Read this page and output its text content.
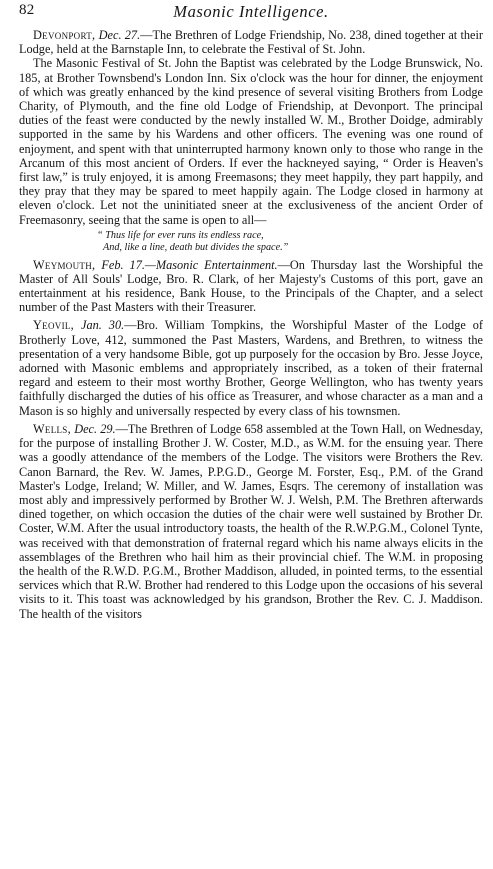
82	Masonic Intelligence.

Devonport, Dec. 27.—The Brethren of Lodge Friendship, No. 238, dined together at their Lodge, held at the Barnstaple Inn, to celebrate the Festival of St. John.

The Masonic Festival of St. John the Baptist was celebrated by the Lodge Brunswick, No. 185, at Brother Townsbend's London Inn. Six o'clock was the hour for dinner, the enjoyment of which was greatly enhanced by the kind presence of several visiting Brothers from Lodge Charity, of Plymouth, and the fine old Lodge of Friendship, at Devonport. The principal duties of the feast were conducted by the newly installed W. M., Brother Doidge, admirably supported in the same by his Wardens and other officers. The evening was one round of enjoyment, and spent with that uninterrupted harmony known only to those who range in the Arcanum of this most ancient of Orders. If ever the hackneyed saying, “ Order is Heaven's first law,” is truly enjoyed, it is among Freemasons; they meet happily, they part happily, and they pray that they may be spared to meet happily again. The Lodge closed in harmony at eleven o'clock. Let not the uninitiated sneer at the exclusiveness of the ancient Order of Freemasonry, seeing that the same is open to all—

“ Thus life for ever runs its endless race,
And, like a line, death but divides the space.”

Weymouth, Feb. 17.—Masonic Entertainment.—On Thursday last the Worshipful the Master of All Souls' Lodge, Bro. R. Clark, of her Majesty's Customs of this port, gave an entertainment at his residence, Bank House, to the Principals of the Chapter, and a select number of the Past Masters with their Treasurer.

Yeovil, Jan. 30.—Bro. William Tompkins, the Worshipful Master of the Lodge of Brotherly Love, 412, summoned the Past Masters, Wardens, and Brethren, to witness the presentation of a very handsome Bible, got up purposely for the occasion by Bro. Jesse Joyce, adorned with Masonic emblems and appropriately inscribed, as a token of their fraternal regard and esteem to their most worthy Brother, George Wellington, who has twenty years faithfully discharged the duties of his office as Treasurer, and whose character as a man and a Mason is so highly and universally respected by every class of his townsmen.

Wells, Dec. 29.—The Brethren of Lodge 658 assembled at the Town Hall, on Wednesday, for the purpose of installing Brother J. W. Coster, M.D., as W.M. for the ensuing year. There was a goodly attendance of the members of the Lodge. The visitors were Brothers the Rev. Canon Barnard, the Rev. W. James, P.P.G.D., George M. Forster, Esq., P.M. of the Grand Master's Lodge, Ireland; W. Miller, and W. James, Esqrs. The ceremony of installation was most ably and impressively performed by Brother W. J. Welsh, P.M. The Brethren afterwards dined together, on which occasion the duties of the chair were well sustained by Brother Dr. Coster, W.M. After the usual introductory toasts, the health of the R.W.P.G.M., Colonel Tynte, was received with that demonstration of fraternal regard which his name always elicits in the assemblages of the Brethren who hail him as their provincial chief. The W.M. in proposing the health of the R.W.D. P.G.M., Brother Maddison, alluded, in pointed terms, to the essential services which that R.W. Brother had rendered to this Lodge upon the occasions of his several visits to it. This toast was acknowledged by his grandson, Brother the Rev. C. J. Maddison. The health of the visitors
